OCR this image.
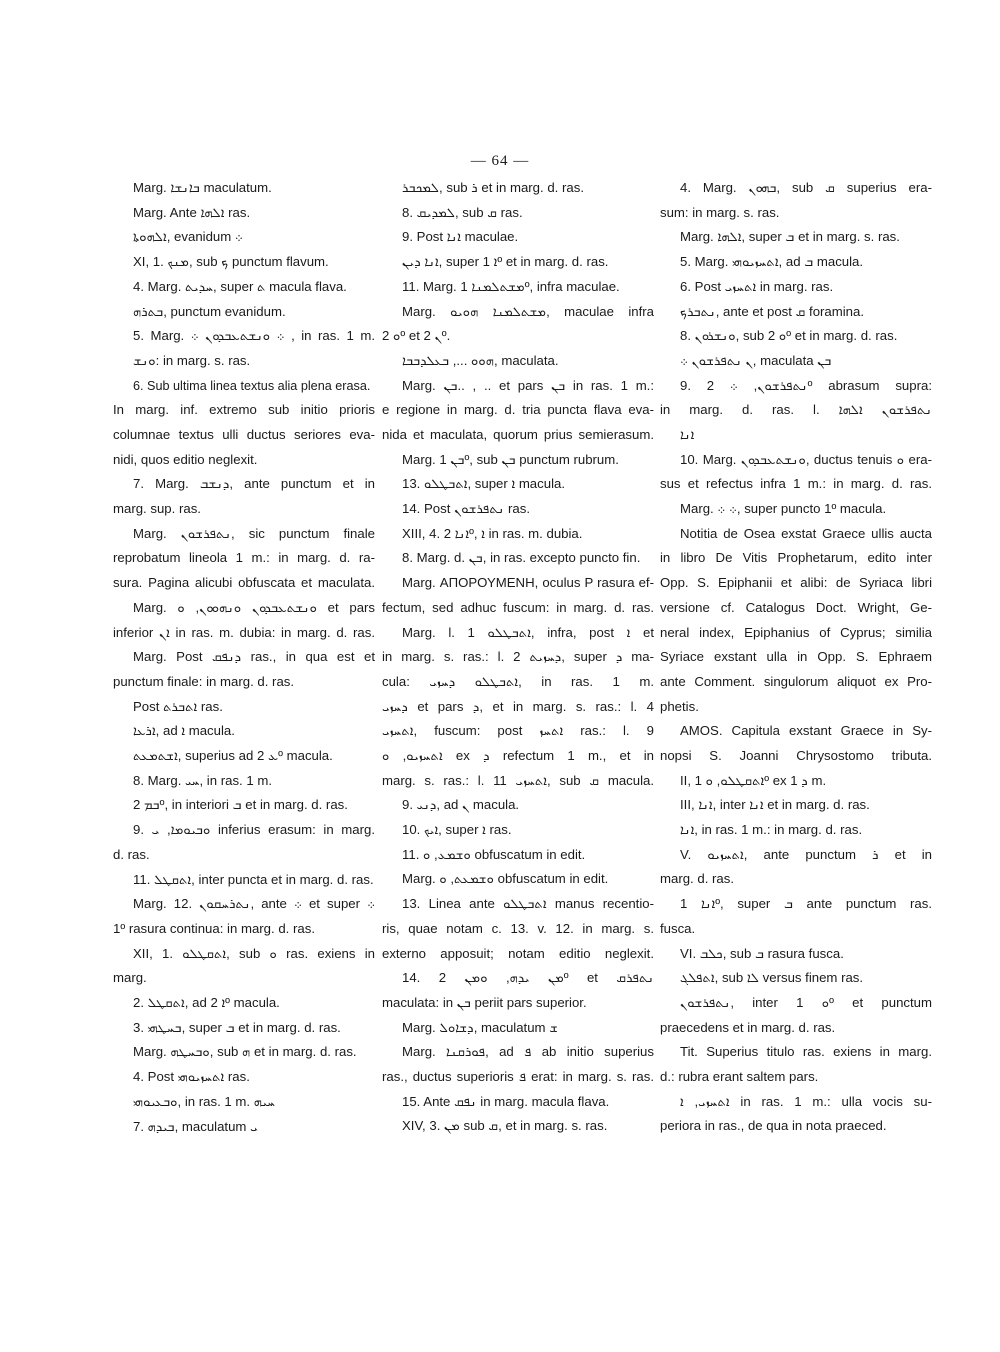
— 64 —
Marg. ܒܐܢܫܐ maculatum.
Marg. Ante ܐܠܗܐ ras.
ܐܠܗܘܬܐ, evanidum ܀
XI, 1. ܡܢܟ, sub ܟ punctum flavum.
4. Marg. ܚܕܝܬ, super ܬ macula flava.
ܒܬܪܗ, punctum evanidum.
5. Marg. ܀ ܘܢܫܬܥܒܕܘܢ ܀ , in ras. 1 m.
ܘܢܫ: in marg. s. ras.
6. Sub ultima linea textus alia plena erasa.
In marg. inf. extremo sub initio prioris
columnae textus ulli ductus seriores eva-
nidi, quos editio neglexit.
7. Marg. ܕܢܫܒ, ante punctum et in
marg. sup. ras.
Marg. ܢܬܦܪܫܘܢ, sic punctum finale
reprobatum lineola 1 m.: in marg. d. ra-
sura. Pagina alicubi obfuscata et maculata.
Marg. ܘܢܫܬܥܒܕܘܢ ܘܢܗܘܘܢ, ܘ et pars
inferior ܐܢ in ras. m. dubia: in marg. d. ras.
Marg. Post ܕܢܦܩ ras., in qua est et
punctum finale: in marg. d. ras.
Post ܐܬܒܪܬ ras.
ܐܪܥܐ, ad ܐ macula.
ܐܫܬܡܥܬ, superius ad ܥ 2º macula.
8. Marg. ܚܝ, in ras. 1 m.
ܒܡ 2º, in interiori ܒ et in marg. d. ras.
9. ܘܒܝܘܡܐ, ܝ inferius erasum: in marg.
d. ras.
11. ܐܬܩܛܠ, inter puncta et in marg. d. ras.
Marg. 12. ܢܬܪܚܩܘܢ, ante ܀ et super ܀
1º rasura continua: in marg. d. ras.
XII, 1. ܐܬܩܛܠܘ, sub ܘ ras. exiens in
marg.
2. ܐܬܩܛܠ, ad ܐ 2º macula.
3. ܒܚܛܗܝ, super ܒ et in marg. d. ras.
Marg. ܘܒܚܛܗ, sub ܗ et in marg. d. ras.
4. Post ܐܬܚܙܝܘܗܝ ras.
ܘܒܥܝܘܗܝ, in ras. 1 m. ܚܝܗ
7. ܒܝܕܗ, maculatum ܝ
ܠܡܟܒܪ, sub ܪ et in marg. d. ras.
8. ܠܡܕܝܩ, sub ܩ ras.
9. Post ܐܢܐ maculae.
ܐܢܐ ܕܝܢ, super ܐ 1º et in marg. d. ras.
11. Marg. ܡܫܬܠܡܢܐ 1º, infra maculae.
Marg. ܡܫܬܠܡܢܐ ܗܘܝܘ, maculae infra
ܘ 2º et ܢ 2º.
ܗܘܘ ..., ܒܥܠܕܒܒܐ, maculata.
Marg. ܒܢ.. , .. et pars ܒܢ in ras. 1 m.:
e regione in marg. d. tria puncta flava eva-
nida et maculata, quorum prius semierasum.
Marg. ܒܢ 1º, sub ܒܢ punctum rubrum.
13. ܐܬܒܛܠܘ, super ܐ macula.
14. Post ܢܬܦܪܫܘܢ ras.
XIII, 4. ܐܢܐ 2º, ܐ in ras. m. dubia.
8. Marg. d. ܒܢ, in ras. excepto puncto fin.
Marg. ΑΠΟΡΟΥΜΕΝΗ, oculus Ρ rasura ef-
fectum, sed adhuc fuscum: in marg. d. ras.
Marg. l. 1 ܐܬܒܛܠܘ, infra, post ܐ et
in marg. s. ras.: l. 2 ܕܚܙܝܬ, super ܕ ma-
cula: ܐܬܒܛܠܘ ܕܚܙܝ, in ras. 1 m.
ܕܚܙܝ et pars ܕ, et in marg. s. ras.: l. 4
ܐܬܚܙܝ, fuscum: post ܐܬܚܙ ras.: l. 9
ܐܬܚܙܝܘ, ܘ ex ܕ refectum 1 m., et in
marg. s. ras.: l. 11 ܐܬܚܙܝ, sub ܩ macula.
9. ܕܢܝ, ad ܢ macula.
10. ܐܝܟ, super ܐ ras.
11. ܘܫܡܥ, ܘ obfuscatum in edit.
Marg. ܘܫܡܥܬ, ܘ obfuscatum in edit.
13. Linea ante ܐܬܒܛܠܘ manus recentio-
ris, quae notam c. 13. v. 12. in marg. s.
externo apposuit; notam editio neglexit.
14. ܡܢ ܝܕܗ, ܘܡܢ 2º et ܢܬܦܪܩ
maculata: in ܒܢ periit pars superior.
Marg. ܕܫܐܘܠ, maculatum ܫ
Marg. ܦܘܪܩܢܐ, ad ܦ ab initio superius
ras., ductus superioris ܦ erat: in marg. s. ras.
15. Ante ܢܦܩ in marg. macula flava.
XIV, 3. ܡܢ sub ܩ, et in marg. s. ras.
4. Marg. ܒܗܘܢ, sub ܩ superius era-
sum: in marg. s. ras.
Marg. ܐܠܗܐ, super ܒ et in marg. s. ras.
5. Marg. ܐܬܚܙܝܘܗܝ, ad ܒ macula.
6. Post ܐܬܚܙܝ in marg. ras.
ܢܬܒܪܟ, ante et post ܩ foramina.
8. ܘܢܫܪܘܢ, sub ܘ 2º et in marg. d. ras.
ܢ ܢܬܦܪܫܘܢ ܀, maculata ܒܢ
9. ܢܬܦܪܫܘܢ, ܀ 2º abrasum supra:
in marg. d. ras. l. ܢܬܦܪܫܘܢ ܐܠܗܐ
ܐܢܐ
10. Marg. ܘܢܫܬܥܒܕܘܢ, ductus tenuis ܘ era-
sus et refectus infra 1 m.: in marg. d. ras.
Marg. ܀ ܀, super puncto 1º macula.
Notitia de Osea exstat Graece ullis aucta
in libro De Vitis Prophetarum, edito inter
Opp. S. Epiphanii et alibi: de Syriaca libri
versione cf. Catalogus Doct. Wright, Ge-
neral index, Epiphanius of Cyprus; similia
Syriace exstant ulla in Opp. S. Ephraem
ante Comment. singulorum aliquot ex Pro-
phetis.
AMOS. Capitula exstant Graece in Sy-
nopsi S. Joanni Chrysostomo tributa.
II, ܐܬܩܛܠܘ, ܘ 1º ex ܕ 1 m.
III, ܐܢܐ, inter ܐܢܐ et in marg. d. ras.
ܐܢܐ, in ras. 1 m.: in marg. d. ras.
V. ܐܬܚܙܝܘ, ante punctum ܪ et in
marg. d. ras.
ܐܢܐ 1º, super ܒ ante punctum ras.
fusca.
VI. ܟܠܒ, sub ܒ rasura fusca.
ܐܬܦܠܓ, sub ܠܐ versus finem ras.
ܢܬܦܪܫܘܢ, inter ܘ 1º et punctum
praecedens et in marg. d. ras.
Tit. Superius titulo ras. exiens in marg.
d.: rubra erant saltem pars.
ܐܬܚܙܝ, ܐ in ras. 1 m.: ulla vocis su-
periora in ras., de qua in nota praeced.
